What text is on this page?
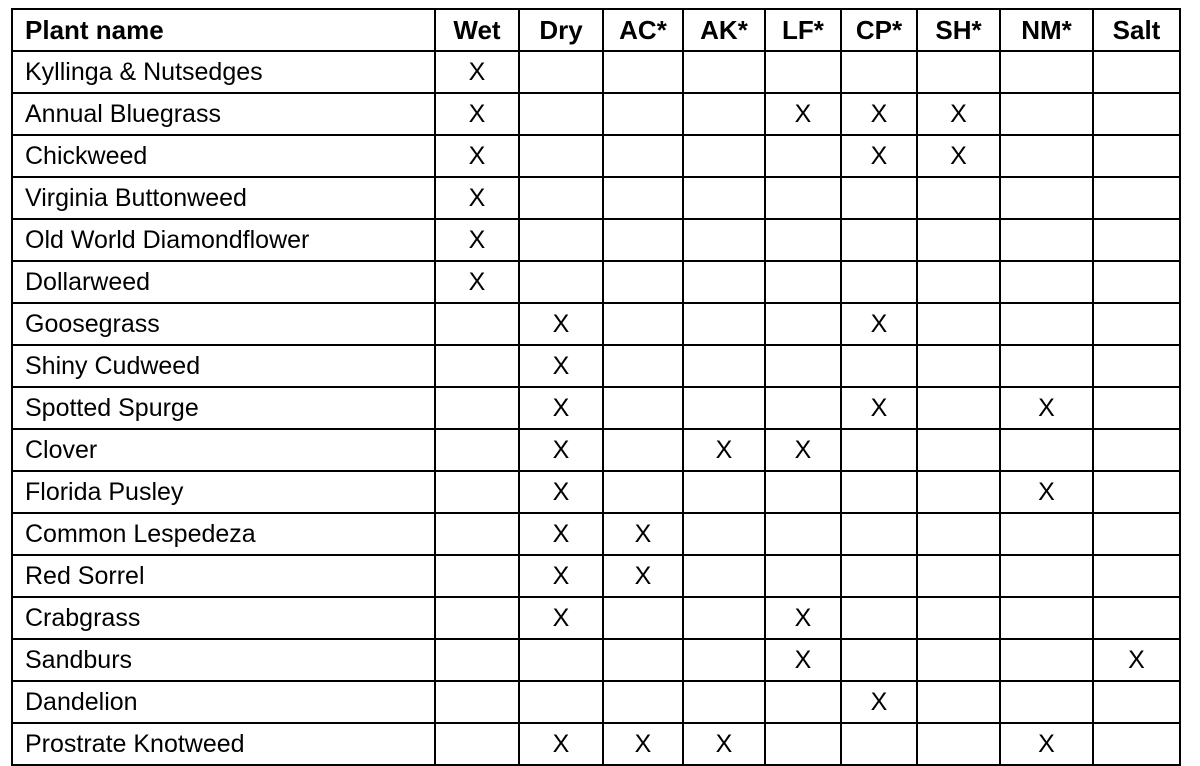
Plant name	Wet	Dry	AC*	AK*	LF*	CP*	SH*	NM*	Salt
Kyllinga & Nutsedges	X								
Annual Bluegrass	X				X	X	X		
Chickweed	X					X	X		
Virginia Buttonweed	X								
Old World Diamondflower	X								
Dollarweed	X								
Goosegrass		X				X			
Shiny Cudweed		X							
Spotted Spurge		X				X		X	
Clover		X		X	X				
Florida Pusley		X						X	
Common Lespedeza		X	X						
Red Sorrel		X	X						
Crabgrass		X			X				
Sandburs					X				X
Dandelion						X			
Prostrate Knotweed		X	X	X				X	
